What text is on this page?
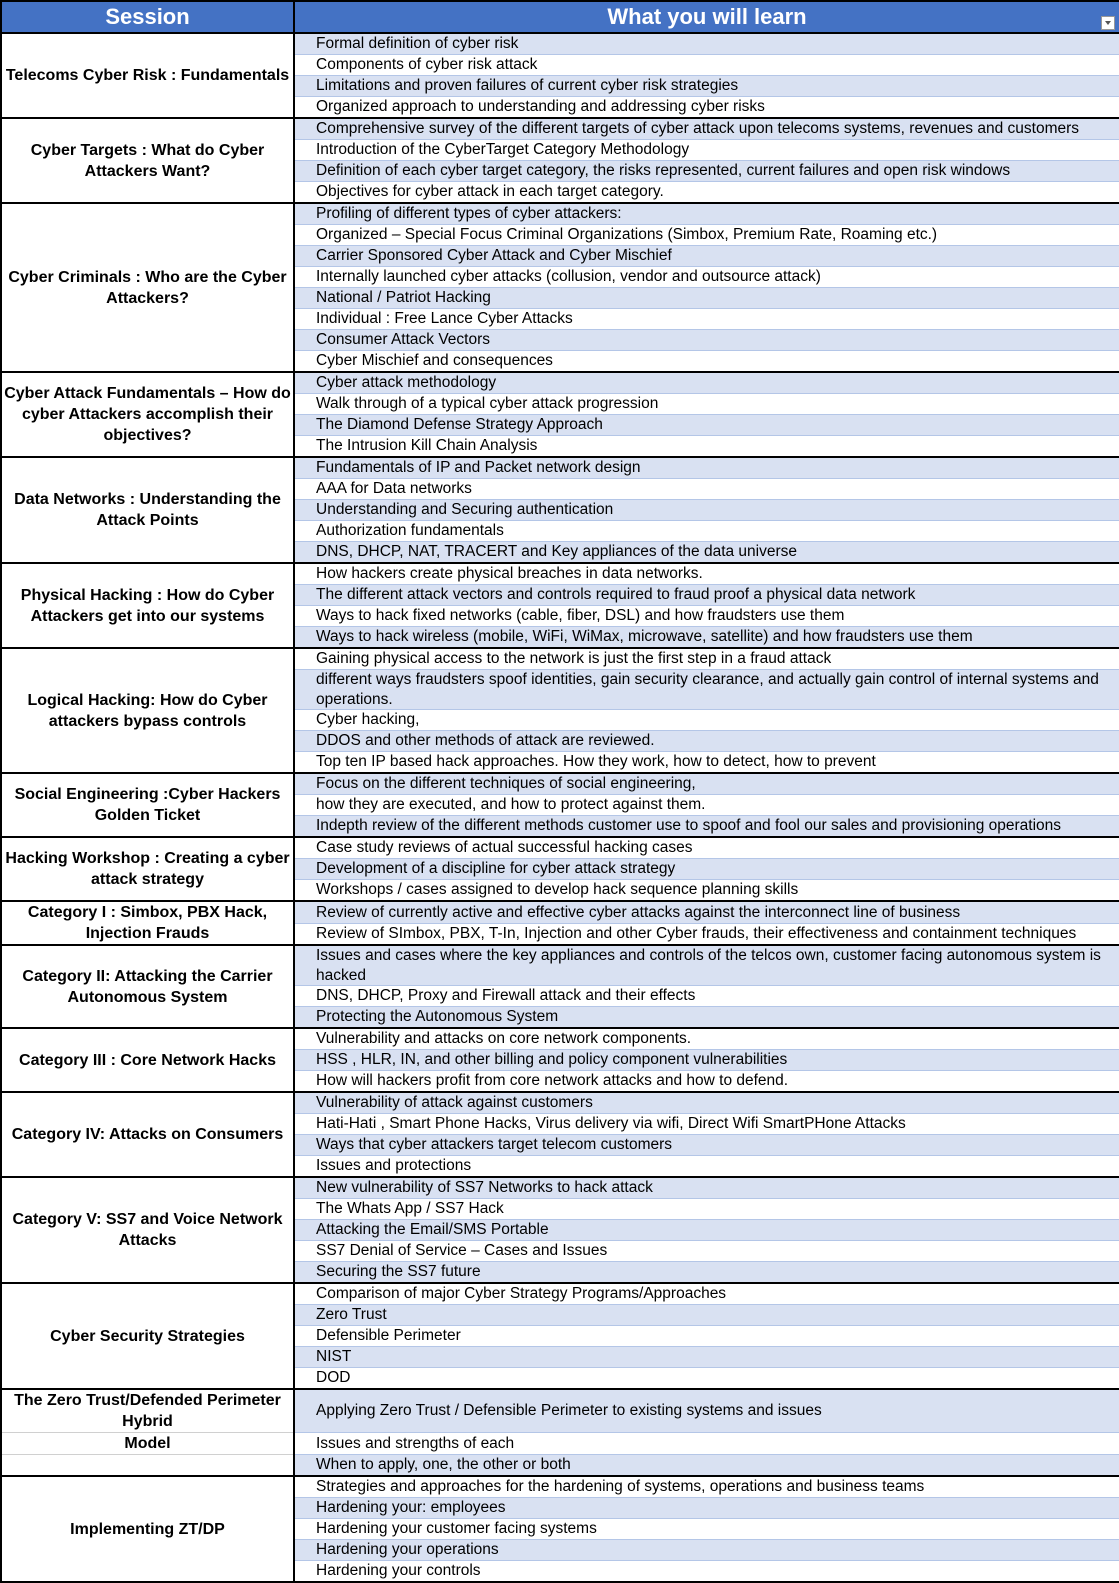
Session	What you will learn

Telecoms Cyber Risk : Fundamentals	Formal definition of cyber risk
	Components of cyber risk attack
	Limitations and proven failures of current cyber risk strategies
	Organized approach to understanding and addressing cyber risks
Cyber Targets : What do Cyber Attackers Want?	Comprehensive survey of the different targets of cyber attack upon telecoms systems, revenues and customers
	Introduction of the CyberTarget Category Methodology
	Definition of each cyber target category, the risks represented, current failures and open risk windows
	Objectives for cyber attack in each target category.
Cyber Criminals : Who are the Cyber Attackers?	Profiling of different types of cyber attackers:
	Organized – Special Focus Criminal Organizations (Simbox, Premium Rate, Roaming etc.)
	Carrier Sponsored Cyber Attack and Cyber Mischief
	Internally launched cyber attacks (collusion, vendor and outsource attack)
	National / Patriot Hacking
	Individual : Free Lance Cyber Attacks
	Consumer Attack Vectors
	Cyber Mischief and consequences
Cyber Attack Fundamentals – How do cyber Attackers accomplish their objectives?	Cyber attack methodology
	Walk through of a typical cyber attack progression
	The Diamond Defense Strategy Approach
	The Intrusion Kill Chain Analysis
Data Networks : Understanding the Attack Points	Fundamentals of IP and Packet network design
	AAA for Data networks
	Understanding and Securing authentication
	Authorization fundamentals
	DNS, DHCP, NAT, TRACERT and Key appliances of the data universe
Physical Hacking : How do Cyber Attackers get into our systems	How hackers create physical breaches in data networks.
	The different attack vectors and controls required to fraud proof a physical data network
	Ways to hack fixed networks (cable, fiber, DSL) and how fraudsters use them
	Ways to hack wireless (mobile, WiFi, WiMax, microwave, satellite) and how fraudsters use them
Logical Hacking: How do Cyber attackers bypass controls	Gaining physical access to the network is just the first step in a fraud attack
	different ways fraudsters spoof identities, gain security clearance, and actually gain control of internal systems and operations.
	Cyber hacking,
	DDOS and other methods of attack are reviewed.
	Top ten IP based hack approaches. How they work, how to detect, how to prevent
Social Engineering :Cyber Hackers Golden Ticket	Focus on the different techniques of social engineering,
	how they are executed, and how to protect against them.
	Indepth review of the different methods customer use to spoof and fool our sales and provisioning operations
Hacking Workshop : Creating a cyber attack strategy	Case study reviews of actual successful hacking cases
	Development of a discipline for cyber attack strategy
	Workshops / cases assigned to develop hack sequence planning skills
Category I : Simbox, PBX Hack, Injection Frauds	Review of currently active and effective cyber attacks against the interconnect line of business
	Review of SImbox, PBX, T-In, Injection and other Cyber frauds, their effectiveness and containment techniques
Category II: Attacking the Carrier Autonomous System	Issues and cases where the key appliances and controls of the telcos own, customer facing autonomous system is hacked
	DNS, DHCP, Proxy and Firewall attack and their effects
	Protecting the Autonomous System
Category III : Core Network Hacks	Vulnerability and attacks on core network components.
	HSS , HLR, IN, and other billing and policy component vulnerabilities
	How will hackers profit from core network attacks and how to defend.
Category IV: Attacks on Consumers	Vulnerability of attack against customers
	Hati-Hati , Smart Phone Hacks, Virus delivery via wifi, Direct Wifi SmartPHone Attacks
	Ways that cyber attackers target telecom customers
	Issues and protections
Category V: SS7 and Voice Network Attacks	New vulnerability of SS7 Networks to hack attack
	The Whats App / SS7 Hack
	Attacking the Email/SMS Portable
	SS7 Denial of Service – Cases and Issues
	Securing the SS7 future
Cyber Security Strategies	Comparison of major Cyber Strategy Programs/Approaches
	Zero Trust
	Defensible Perimeter
	NIST
	DOD
The Zero Trust/Defended Perimeter Hybrid	Applying Zero Trust / Defensible Perimeter to existing systems and issues
Model	Issues and strengths of each
	When to apply, one, the other or both
Implementing ZT/DP	Strategies and approaches for the hardening of systems, operations and business teams
	Hardening your: employees
	Hardening your customer facing systems
	Hardening your operations
	Hardening your controls
